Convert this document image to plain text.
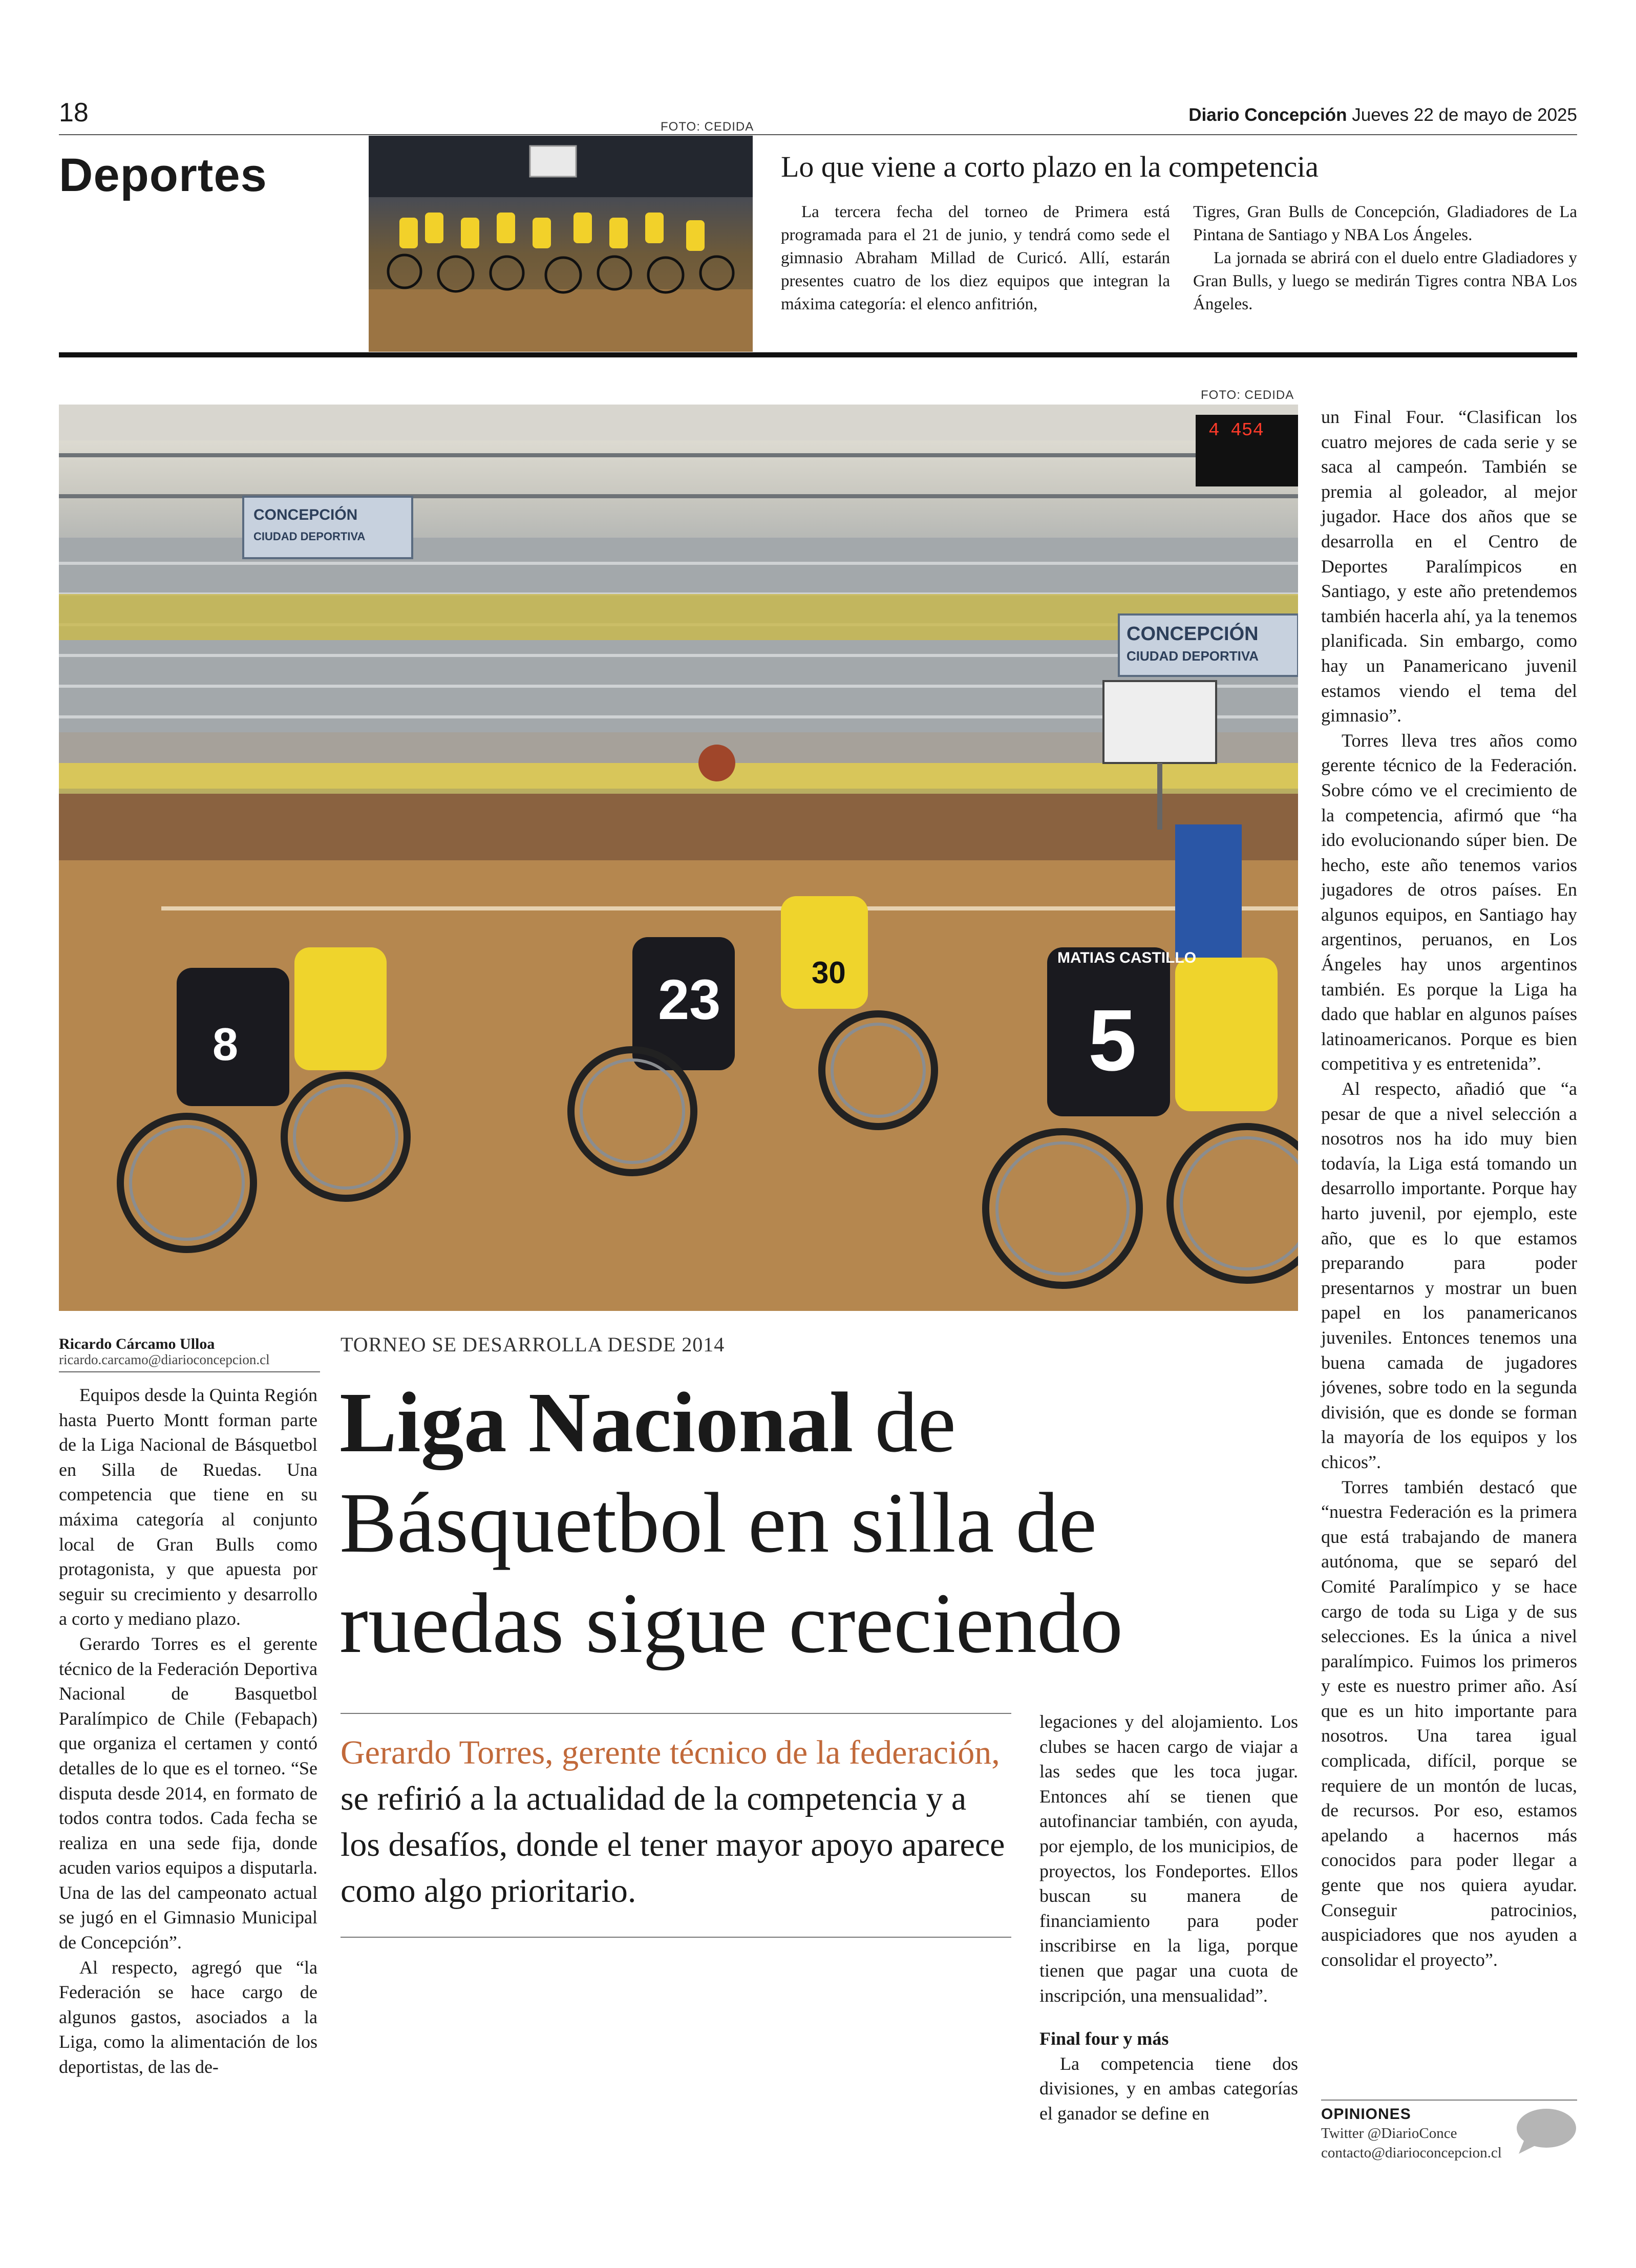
18	Diario Concepción Jueves 22 de mayo de 2025
Deportes
FOTO: CEDIDA
Lo que viene a corto plazo en la competencia

La tercera fecha del torneo de Primera está programada para el 21 de junio, y tendrá como sede el gimnasio Abraham Millad de Curicó. Allí, estarán presentes cuatro de los diez equipos que integran la máxima categoría: el elenco anfitrión,

Tigres, Gran Bulls de Concepción, Gladiadores de La Pintana de Santiago y NBA Los Ángeles.

La jornada se abrirá con el duelo entre Gladiadores y Gran Bulls, y luego se medirán Tigres contra NBA Los Ángeles.

FOTO: CEDIDA
4 454
CONCEPCIÓN
CIUDAD DEPORTIVA
CONCEPCIÓN
CIUDAD DEPORTIVA
23	30	MATIAS CASTILLO
5
8
Ricardo Cárcamo Ulloa
ricardo.carcamo@diarioconcepcion.cl
TORNEO SE DESARROLLA DESDE 2014
Liga Nacional de
Básquetbol en silla de
ruedas sigue creciendo
Gerardo Torres, gerente técnico de la federación, se refirió a la actualidad de la competencia y a los desafíos, donde el tener mayor apoyo aparece como algo prioritario.

Equipos desde la Quinta Región hasta Puerto Montt forman parte de la Liga Nacional de Básquetbol en Silla de Ruedas. Una competencia que tiene en su máxima categoría al conjunto local de Gran Bulls como protagonista, y que apuesta por seguir su crecimiento y desarrollo a corto y mediano plazo.

Gerardo Torres es el gerente técnico de la Federación Deportiva Nacional de Basquetbol Paralímpico de Chile (Febapach) que organiza el certamen y contó detalles de lo que es el torneo. “Se disputa desde 2014, en formato de todos contra todos. Cada fecha se realiza en una sede fija, donde acuden varios equipos a disputarla. Una de las del campeonato actual se jugó en el Gimnasio Municipal de Concepción”.

Al respecto, agregó que “la Federación se hace cargo de algunos gastos, asociados a la Liga, como la alimentación de los deportistas, de las de-

legaciones y del alojamiento. Los clubes se hacen cargo de viajar a las sedes que les toca jugar. Entonces ahí se tienen que autofinanciar también, con ayuda, por ejemplo, de los municipios, de proyectos, los Fondeportes. Ellos buscan su manera de financiamiento para poder inscribirse en la liga, porque tienen que pagar una cuota de inscripción, una mensualidad”.

Final four y más

La competencia tiene dos divisiones, y en ambas categorías el ganador se define en

un Final Four. “Clasifican los cuatro mejores de cada serie y se saca al campeón. También se premia al goleador, al mejor jugador. Hace dos años que se desarrolla en el Centro de Deportes Paralímpicos en Santiago, y este año pretendemos también hacerla ahí, ya la tenemos planificada. Sin embargo, como hay un Panamericano juvenil estamos viendo el tema del gimnasio”.

Torres lleva tres años como gerente técnico de la Federación. Sobre cómo ve el crecimiento de la competencia, afirmó que “ha ido evolucionando súper bien. De hecho, este año tenemos varios jugadores de otros países. En algunos equipos, en Santiago hay argentinos, peruanos, en Los Ángeles hay unos argentinos también. Es porque la Liga ha dado que hablar en algunos países latinoamericanos. Porque es bien competitiva y es entretenida”.

Al respecto, añadió que “a pesar de que a nivel selección a nosotros nos ha ido muy bien todavía, la Liga está tomando un desarrollo importante. Porque hay harto juvenil, por ejemplo, este año, que es lo que estamos preparando para poder presentarnos y mostrar un buen papel en los panamericanos juveniles. Entonces tenemos una buena camada de jugadores jóvenes, sobre todo en la segunda división, que es donde se forman la mayoría de los equipos y los chicos”.

Torres también destacó que “nuestra Federación es la primera que está trabajando de manera autónoma, que se separó del Comité Paralímpico y se hace cargo de toda su Liga y de sus selecciones. Es la única a nivel paralímpico. Fuimos los primeros y este es nuestro primer año. Así que es un hito importante para nosotros. Una tarea igual complicada, difícil, porque se requiere de un montón de lucas, de recursos. Por eso, estamos apelando a hacernos más conocidos para poder llegar a gente que nos quiera ayudar. Conseguir patrocinios, auspiciadores que nos ayuden a consolidar el proyecto”.

OPINIONES
Twitter @DiarioConce
contacto@diarioconcepcion.cl
